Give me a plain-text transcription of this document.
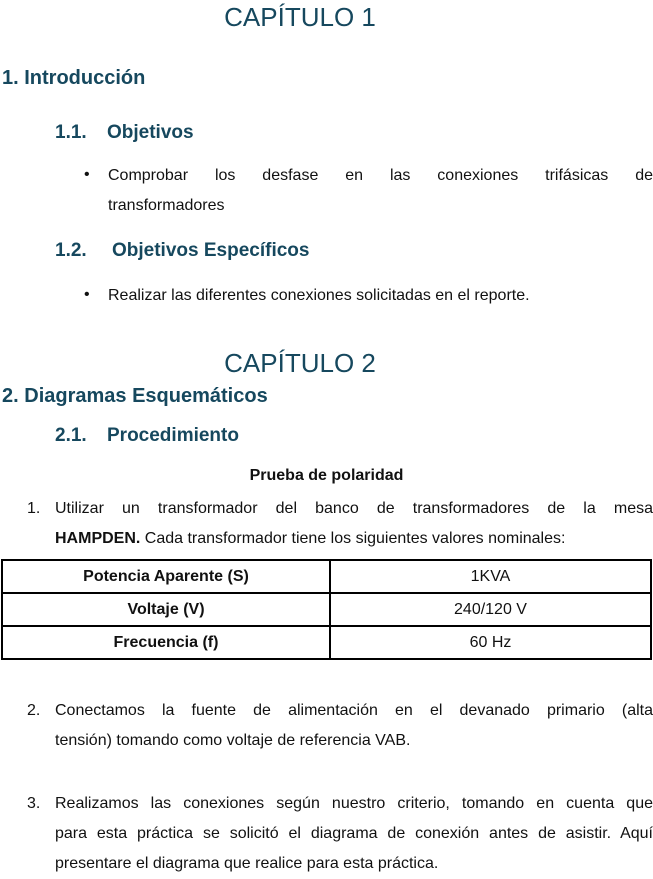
CAPÍTULO 1
1. Introducción
1.1. Objetivos
• Comprobar los desfase en las conexiones trifásicas de
transformadores
1.2. Objetivos Específicos
• Realizar las diferentes conexiones solicitadas en el reporte.
CAPÍTULO 2
2. Diagramas Esquemáticos
2.1. Procedimiento
Prueba de polaridad
1. Utilizar un transformador del banco de transformadores de la mesa
HAMPDEN. Cada transformador tiene los siguientes valores nominales:
Potencia Aparente (S)	1KVA
Voltaje (V)	240/120 V
Frecuencia (f)	60 Hz
2. Conectamos la fuente de alimentación en el devanado primario (alta
tensión) tomando como voltaje de referencia VAB.
3. Realizamos las conexiones según nuestro criterio, tomando en cuenta que
para esta práctica se solicitó el diagrama de conexión antes de asistir. Aquí
presentare el diagrama que realice para esta práctica.
